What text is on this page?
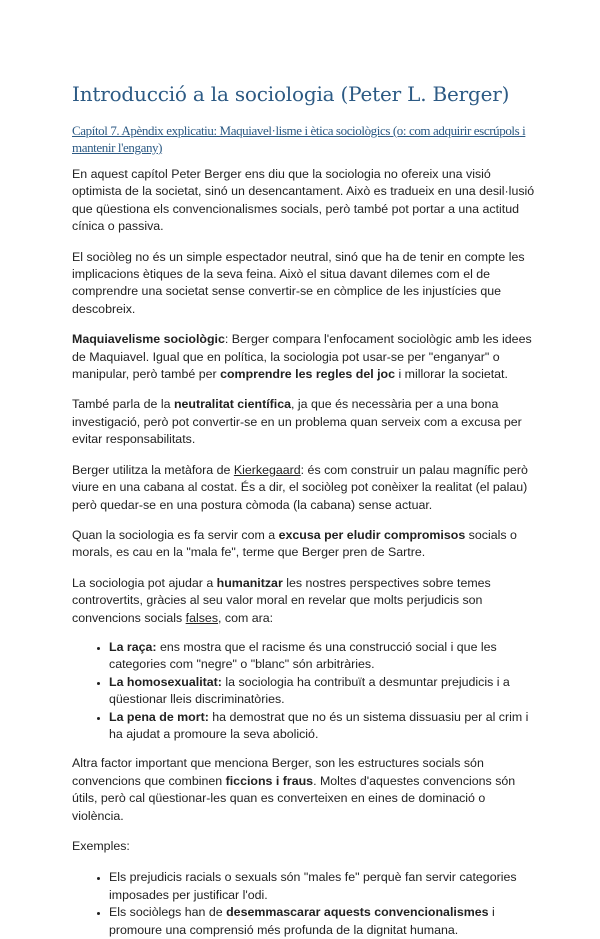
Introducció a la sociologia (Peter L. Berger)
Capítol 7. Apèndix explicatiu: Maquiavel·lisme i ètica sociològics (o: com adquirir escrúpols i mantenir l'engany)

En aquest capítol Peter Berger ens diu que la sociologia no ofereix una visió optimista de la societat, sinó un desencantament. Això es tradueix en una desil·lusió que qüestiona els convencionalismes socials, però també pot portar a una actitud cínica o passiva.

El sociòleg no és un simple espectador neutral, sinó que ha de tenir en compte les implicacions ètiques de la seva feina. Això el situa davant dilemes com el de comprendre una societat sense convertir-se en còmplice de les injustícies que descobreix.

Maquiavelisme sociològic: Berger compara l'enfocament sociològic amb les idees de Maquiavel. Igual que en política, la sociologia pot usar-se per "enganyar" o manipular, però també per comprendre les regles del joc i millorar la societat.

També parla de la neutralitat científica, ja que és necessària per a una bona investigació, però pot convertir-se en un problema quan serveix com a excusa per evitar responsabilitats.

Berger utilitza la metàfora de Kierkegaard: és com construir un palau magnífic però viure en una cabana al costat. És a dir, el sociòleg pot conèixer la realitat (el palau) però quedar-se en una postura còmoda (la cabana) sense actuar.

Quan la sociologia es fa servir com a excusa per eludir compromisos socials o morals, es cau en la "mala fe", terme que Berger pren de Sartre.

La sociologia pot ajudar a humanitzar les nostres perspectives sobre temes controvertits, gràcies al seu valor moral en revelar que molts perjudicis son convencions socials falses, com ara:

• La raça: ens mostra que el racisme és una construcció social i que les categories com "negre" o "blanc" són arbitràries.
• La homosexualitat: la sociologia ha contribuït a desmuntar prejudicis i a qüestionar lleis discriminatòries.
• La pena de mort: ha demostrat que no és un sistema dissuasiu per al crim i ha ajudat a promoure la seva abolició.

Altra factor important que menciona Berger, son les estructures socials són convencions que combinen ficcions i fraus. Moltes d'aquestes convencions són útils, però cal qüestionar-les quan es converteixen en eines de dominació o violència.

Exemples:

• Els prejudicis racials o sexuals són "males fe" perquè fan servir categories imposades per justificar l'odi.
• Els sociòlegs han de desemmascarar aquests convencionalismes i promoure una comprensió més profunda de la dignitat humana.
